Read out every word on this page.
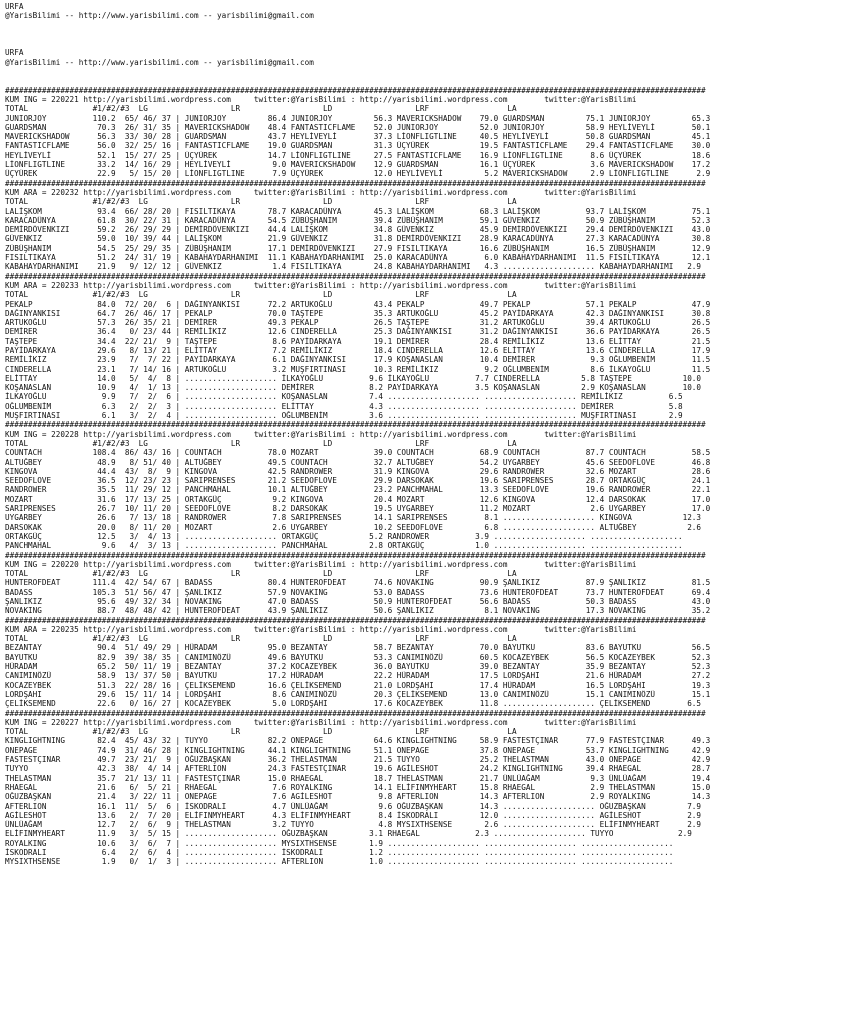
URFA
@YarisBilimi -- http://www.yarisbilimi.com -- yarisbilimi@gmail.com

URFA
@YarisBilimi -- http://www.yarisbilimi.com -- yarisbilimi@gmail.com

########################################################################################################################################################
KUM ING = 220221 http://yarisbilimi.wordpress.com     twitter:@YarisBilimi : http://yarisbilimi.wordpress.com        twitter:@YarisBilimi
TOTAL              #1/#2/#3  LG                  LR                  LD                  LRF                 LA
JUNIORJOY          110.2  65/ 46/ 37 | JUNIORJOY         86.4 JUNIORJOY         56.3 MAVERICKSHADOW    79.0 GUARDSMAN         75.1 JUNIORJOY         65.3
GUARDSMAN           70.3  26/ 31/ 35 | MAVERICKSHADOW    48.4 FANTASTICFLAME    52.0 JUNIORJOY         52.0 JUNIORJOY         58.9 HEYLİVEYLİ        50.1
MAVERICKSHADOW      56.3  33/ 30/ 28 | GUARDSMAN         43.7 HEYLİVEYLİ        37.3 LİONFLIGTLINE     40.5 HEYLİVEYLİ        50.8 GUARDSMAN         45.1
FANTASTICFLAME      56.0  32/ 25/ 16 | FANTASTICFLAME    19.0 GUARDSMAN         31.3 ÜÇYÜREK           19.5 FANTASTICFLAME    29.4 FANTASTICFLAME    30.0
HEYLİVEYLİ          52.1  15/ 27/ 25 | ÜÇYÜREK           14.7 LİONFLIGTLINE     27.5 FANTASTICFLAME    16.9 LİONFLIGTLINE      8.6 ÜÇYÜREK           18.6
LİONFLIGTLINE       33.2  14/ 16/ 29 | HEYLİVEYLİ         9.0 MAVERICKSHADOW    12.9 GUARDSMAN         16.1 ÜÇYÜREK            3.6 MAVERICKSHADOW    17.2
ÜÇYÜREK             22.9   5/ 15/ 20 | LİONFLIGTLINE      7.9 ÜÇYÜREK           12.0 HEYLİVEYLİ         5.2 MAVERICKSHADOW     2.9 LİONFLIGTLINE      2.9
########################################################################################################################################################
KUM ARA = 220232 http://yarisbilimi.wordpress.com     twitter:@YarisBilimi : http://yarisbilimi.wordpress.com        twitter:@YarisBilimi
TOTAL              #1/#2/#3  LG                  LR                  LD                  LRF                 LA
LALİŞKOM            93.4  66/ 28/ 20 | FISILTIKAYA       78.7 KARACADÜNYA       45.3 LALİŞKOM          68.3 LALİŞKOM          93.7 LALİŞKOM          75.1
KARACADÜNYA         61.8  30/ 22/ 31 | KARACADÜNYA       54.5 ZÜBÜŞHANIM        39.4 ZÜBÜŞHANIM        59.1 GÜVENKIZ          50.9 ZÜBÜŞHANIM        52.3
DEMİRDÖVENKIZI      59.2  26/ 29/ 29 | DEMİRDÖVENKIZI    44.4 LALİŞKOM          34.8 GÜVENKIZ          45.9 DEMİRDÖVENKIZI    29.4 DEMİRDÖVENKIZI    43.0
GÜVENKIZ            59.0  10/ 39/ 44 | LALİŞKOM          21.9 GÜVENKIZ          31.8 DEMİRDÖVENKIZI    28.9 KARACADÜNYA       27.3 KARACADÜNYA       30.8
ZÜBÜŞHANIM          54.5  25/ 29/ 35 | ZÜBÜŞHANIM        17.1 DEMİRDÖVENKIZI    27.9 FISILTIKAYA       16.6 ZÜBÜŞHANIM        16.5 ZÜBÜŞHANIM        12.9
FISILTIKAYA         51.2  24/ 31/ 19 | KABAHAYDARHANIMI  11.1 KABAHAYDARHANIMI  25.0 KARACADÜNYA        6.0 KABAHAYDARHANIMI  11.5 FISILTIKAYA       12.1
KABAHAYDARHANIMI    21.9   9/ 12/ 12 | GÜVENKIZ           1.4 FISILTIKAYA       24.8 KABAHAYDARHANIMI   4.3 .................... KABAHAYDARHANIMI   2.9
########################################################################################################################################################
KUM ARA = 220233 http://yarisbilimi.wordpress.com     twitter:@YarisBilimi : http://yarisbilimi.wordpress.com        twitter:@YarisBilimi
TOTAL              #1/#2/#3  LG                  LR                  LD                  LRF                 LA
PEKALP              84.0  72/ 20/  6 | DAĞINYANKISI      72.2 ARTUKOĞLU         43.4 PEKALP            49.7 PEKALP            57.1 PEKALP            47.9
DAĞINYANKISI        64.7  26/ 46/ 17 | PEKALP            70.0 TAŞTEPE           35.3 ARTUKOĞLU         45.2 PAYİDARKAYA       42.3 DAĞINYANKISI      30.8
ARTUKOĞLU           57.3  26/ 35/ 21 | DEMİRER           49.3 PEKALP            26.5 TAŞTEPE           31.2 ARTUKOĞLU         39.4 ARTUKOĞLU         26.5
DEMİRER             36.4   0/ 23/ 44 | REMİLİKIZ         12.6 CINDERELLA        25.3 DAĞINYANKISI      31.2 DAĞINYANKISI      36.6 PAYİDARKAYA       26.5
TAŞTEPE             34.4  22/ 21/  9 | TAŞTEPE            8.6 PAYİDARKAYA       19.1 DEMİRER           28.4 REMİLİKIZ         13.6 ELİTTAY           21.5
PAYİDARKAYA         29.6   8/ 13/ 21 | ELİTTAY            7.2 REMİLİKIZ         18.4 CINDERELLA        12.6 ELİTTAY           13.6 CINDERELLA        17.9
REMİLİKIZ           23.9   7/  7/ 22 | PAYİDARKAYA        6.1 DAĞINYANKISI      17.9 KOŞANASLAN        10.4 DEMİRER            9.3 OĞLUMBENİM        11.5
CINDERELLA          23.1   7/ 14/ 16 | ARTUKOĞLU          3.2 MUŞFIRTINASI      10.3 REMİLİKIZ          9.2 OĞLUMBENİM         8.6 İLKAYOĞLU         11.5
ELİTTAY             14.0   5/  4/  8 | .................... İLKAYOĞLU          9.6 İLKAYOĞLU          7.7 CINDERELLA         5.8 TAŞTEPE           10.0
KOŞANASLAN          10.9   4/  1/ 13 | .................... DEMİRER            8.2 PAYİDARKAYA        3.5 KOŞANASLAN         2.9 KOŞANASLAN        10.0
İLKAYOĞLU            9.9   7/  2/  6 | .................... KOŞANASLAN         7.4 .................... .................... REMİLİKIZ          6.5
OĞLUMBENİM           6.3   2/  2/  3 | .................... ELİTTAY            4.3 .................... .................... DEMİRER            5.8
MUŞFIRTINASI         6.1   3/  2/  4 | .................... OĞLUMBENİM         3.6 .................... .................... MUŞFIRTINASI       2.9
########################################################################################################################################################
KUM ING = 220228 http://yarisbilimi.wordpress.com     twitter:@YarisBilimi : http://yarisbilimi.wordpress.com        twitter:@YarisBilimi
TOTAL              #1/#2/#3  LG                  LR                  LD                  LRF                 LA
COUNTACH           108.4  86/ 43/ 16 | COUNTACH          78.0 MOZART            39.0 COUNTACH          68.9 COUNTACH          87.7 COUNTACH          58.5
ALTUĞBEY            48.9   8/ 51/ 40 | ALTUĞBEY          49.5 COUNTACH          32.7 ALTUĞBEY          54.2 UYGARBEY          45.6 SEEDOFLOVE        46.8
KINGOVA             44.4  43/  8/  9 | KINGOVA           42.5 RANDROWER         31.9 KINGOVA           29.6 RANDROWER         32.6 MOZART            28.6
SEEDOFLOVE          36.5  12/ 23/ 23 | SARIPRENSES       21.2 SEEDOFLOVE        29.9 DARSOKAK          19.6 SARIPRENSES       28.7 ORTAKGÜÇ          24.1
RANDROWER           35.5  11/ 29/ 12 | PANCHMAHAL        10.1 ALTUĞBEY          23.2 PANCHMAHAL        13.3 SEEDOFLOVE        19.6 RANDROWER         22.1
MOZART              31.6  17/ 13/ 25 | ORTAKGÜÇ           9.2 KINGOVA           20.4 MOZART            12.6 KINGOVA           12.4 DARSOKAK          17.0
SARIPRENSES         26.7  10/ 11/ 20 | SEEDOFLOVE         8.2 DARSOKAK          19.5 UYGARBEY          11.2 MOZART             2.6 UYGARBEY          17.0
UYGARBEY            26.6   7/ 13/ 18 | RANDROWER          7.8 SARIPRENSES       14.1 SARIPRENSES        8.1 .................... KINGOVA           12.3
DARSOKAK            20.0   8/ 11/ 20 | MOZART             2.6 UYGARBEY          10.2 SEEDOFLOVE         6.8 .................... ALTUĞBEY           2.6
ORTAKGÜÇ            12.5   3/  4/ 13 | .................... ORTAKGÜÇ           5.2 RANDROWER          3.9 .................... ....................
PANCHMAHAL           9.6   4/  3/ 13 | .................... PANCHMAHAL         2.8 ORTAKGÜÇ           1.0 .................... ....................
########################################################################################################################################################
KUM ING = 220220 http://yarisbilimi.wordpress.com     twitter:@YarisBilimi : http://yarisbilimi.wordpress.com        twitter:@YarisBilimi
TOTAL              #1/#2/#3  LG                  LR                  LD                  LRF                 LA
HUNTEROFDEAT       111.4  42/ 54/ 67 | BADASS            80.4 HUNTEROFDEAT      74.6 NOVAKING          90.9 ŞANLIKIZ          87.9 ŞANLIKIZ          81.5
BADASS             105.3  51/ 56/ 47 | ŞANLIKIZ          57.9 NOVAKING          53.0 BADASS            73.6 HUNTEROFDEAT      73.7 HUNTEROFDEAT      69.4
ŞANLIKIZ            95.6  49/ 32/ 34 | NOVAKING          47.0 BADASS            50.9 HUNTEROFDEAT      56.6 BADASS            50.3 BADASS            43.0
NOVAKING            88.7  48/ 48/ 42 | HUNTEROFDEAT      43.9 ŞANLIKIZ          50.6 ŞANLIKIZ           8.1 NOVAKING          17.3 NOVAKING          35.2
########################################################################################################################################################
KUM ARA = 220235 http://yarisbilimi.wordpress.com     twitter:@YarisBilimi : http://yarisbilimi.wordpress.com        twitter:@YarisBilimi
TOTAL              #1/#2/#3  LG                  LR                  LD                  LRF                 LA
BEZANTAY            90.4  51/ 49/ 29 | HÜRADAM           95.0 BEZANTAY          58.7 BEZANTAY          70.0 BAYUTKU           83.6 BAYUTKU           56.5
BAYUTKU             82.9  39/ 38/ 35 | CANIMINÖZÜ        49.6 BAYUTKU           53.3 CANIMINÖZÜ        60.5 KOCAZEYBEK        56.5 KOCAZEYBEK        52.3
HÜRADAM             65.2  50/ 11/ 19 | BEZANTAY          37.2 KOCAZEYBEK        36.0 BAYUTKU           39.0 BEZANTAY          35.9 BEZANTAY          52.3
CANIMINÖZÜ          58.9  13/ 37/ 50 | BAYUTKU           17.2 HÜRADAM           22.2 HÜRADAM           17.5 LORDŞAHI          21.6 HÜRADAM           27.2
KOCAZEYBEK          51.3  22/ 28/ 16 | ÇELİKSEMEND       16.6 ÇELİKSEMEND       21.0 LORDŞAHI          17.4 HÜRADAM           16.5 LORDŞAHI          19.3
LORDŞAHI            29.6  15/ 11/ 14 | LORDŞAHI           8.6 CANIMINÖZÜ        20.3 ÇELİKSEMEND       13.0 CANIMINÖZÜ        15.1 CANIMINÖZÜ        15.1
ÇELİKSEMEND         22.6   0/ 16/ 27 | KOCAZEYBEK         5.0 LORDŞAHI          17.6 KOCAZEYBEK        11.8 .................... ÇELİKSEMEND        6.5
########################################################################################################################################################
KUM ING = 220227 http://yarisbilimi.wordpress.com     twitter:@YarisBilimi : http://yarisbilimi.wordpress.com        twitter:@YarisBilimi
TOTAL              #1/#2/#3  LG                  LR                  LD                  LRF                 LA
KINGLIGHTNING       82.4  45/ 43/ 32 | TUYYO             82.2 ONEPAGE           64.6 KINGLIGHTNING     58.9 FASTESTÇINAR      77.9 FASTESTÇINAR      49.3
ONEPAGE             74.9  31/ 46/ 28 | KINGLIGHTNING     44.1 KINGLIGHTNING     51.1 ONEPAGE           37.8 ONEPAGE           53.7 KINGLIGHTNING     42.9
FASTESTÇINAR        49.7  23/ 21/  9 | OĞUZBAŞKAN        36.2 THELASTMAN        21.5 TUYYO             25.2 THELASTMAN        43.0 ONEPAGE           42.9
TUYYO               42.3  38/  4/ 14 | AFTERLION         24.3 FASTESTÇINAR      19.6 AGİLESHOT         24.2 KINGLIGHTNING     39.4 RHAEGAL           28.7
THELASTMAN          35.7  21/ 13/ 11 | FASTESTÇINAR      15.0 RHAEGAL           18.7 THELASTMAN        21.7 ÜNLÜAĞAM           9.3 ÜNLÜAĞAM          19.4
RHAEGAL             21.6   6/  5/ 21 | RHAEGAL            7.6 ROYALKING         14.1 ELİFINMYHEART     15.8 RHAEGAL            2.9 THELASTMAN        15.0
OĞUZBAŞKAN          21.4   3/ 22/ 11 | ONEPAGE            7.6 AGİLESHOT          9.8 AFTERLION         14.3 AFTERLION          2.9 ROYALKING         14.3
AFTERLION           16.1  11/  5/  6 | İSKODRALI          4.7 ÜNLÜAĞAM           9.6 OĞUZBAŞKAN        14.3 .................... OĞUZBAŞKAN         7.9
AGİLESHOT           13.6   2/  7/ 20 | ELİFINMYHEART      4.3 ELİFINMYHEART      8.4 İSKODRALI         12.0 .................... AGİLESHOT          2.9
ÜNLÜAĞAM            12.7   2/  6/  9 | THELASTMAN         3.2 TUYYO              4.8 MYSIXTHSENSE       2.6 .................... ELİFINMYHEART      2.9
ELİFINMYHEART       11.9   3/  5/ 15 | .................... OĞUZBAŞKAN         3.1 RHAEGAL            2.3 .................... TUYYO              2.9
ROYALKING           10.6   3/  6/  7 | .................... MYSIXTHSENSE       1.9 .................... .................... ....................
İSKODRALI            6.4   2/  6/  4 | .................... İSKODRALI          1.2 .................... .................... ....................
MYSIXTHSENSE         1.9   0/  1/  3 | .................... AFTERLION          1.0 .................... .................... ....................
